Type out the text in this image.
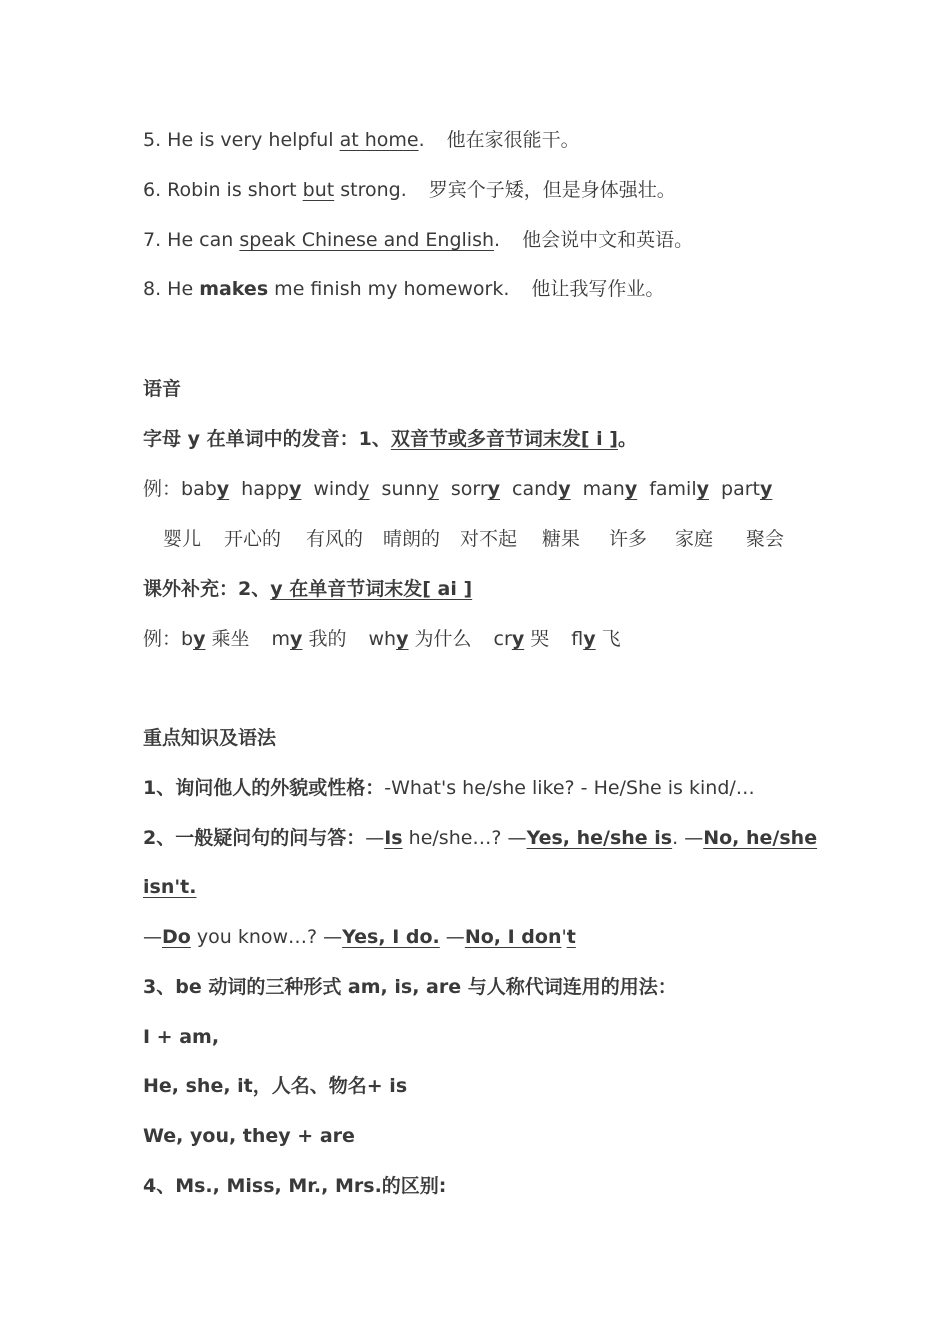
5. He is very helpful at home. 他在家很能干。
6. Robin is short but strong. 罗宾个子矮，但是身体强壮。
7. He can speak Chinese and English. 他会说中文和英语。
8. He makes me finish my homework. 他让我写作业。
语音
字母 y 在单词中的发音：1、双音节或多音节词末发[ i ]。
例：baby happy windy sunny sorry candy many family party
婴儿 开心的 有风的 晴朗的 对不起 糖果 许多 家庭 聚会
课外补充：2、y 在单音节词末发[ ai ]
例：by 乘坐 my 我的 why 为什么 cry 哭 fly 飞
重点知识及语法
1、询问他人的外貌或性格：-What's he/she like? - He/She is kind/…
2、一般疑问句的问与答：—Is he/she…? —Yes, he/she is. —No, he/she
isn't.
—Do you know…? —Yes, I do. —No, I don't
3、be 动词的三种形式 am, is, are 与人称代词连用的用法：
I + am,
He, she, it，人名、物名+ is
We, you, they + are
4、Ms., Miss, Mr., Mrs.的区别:
